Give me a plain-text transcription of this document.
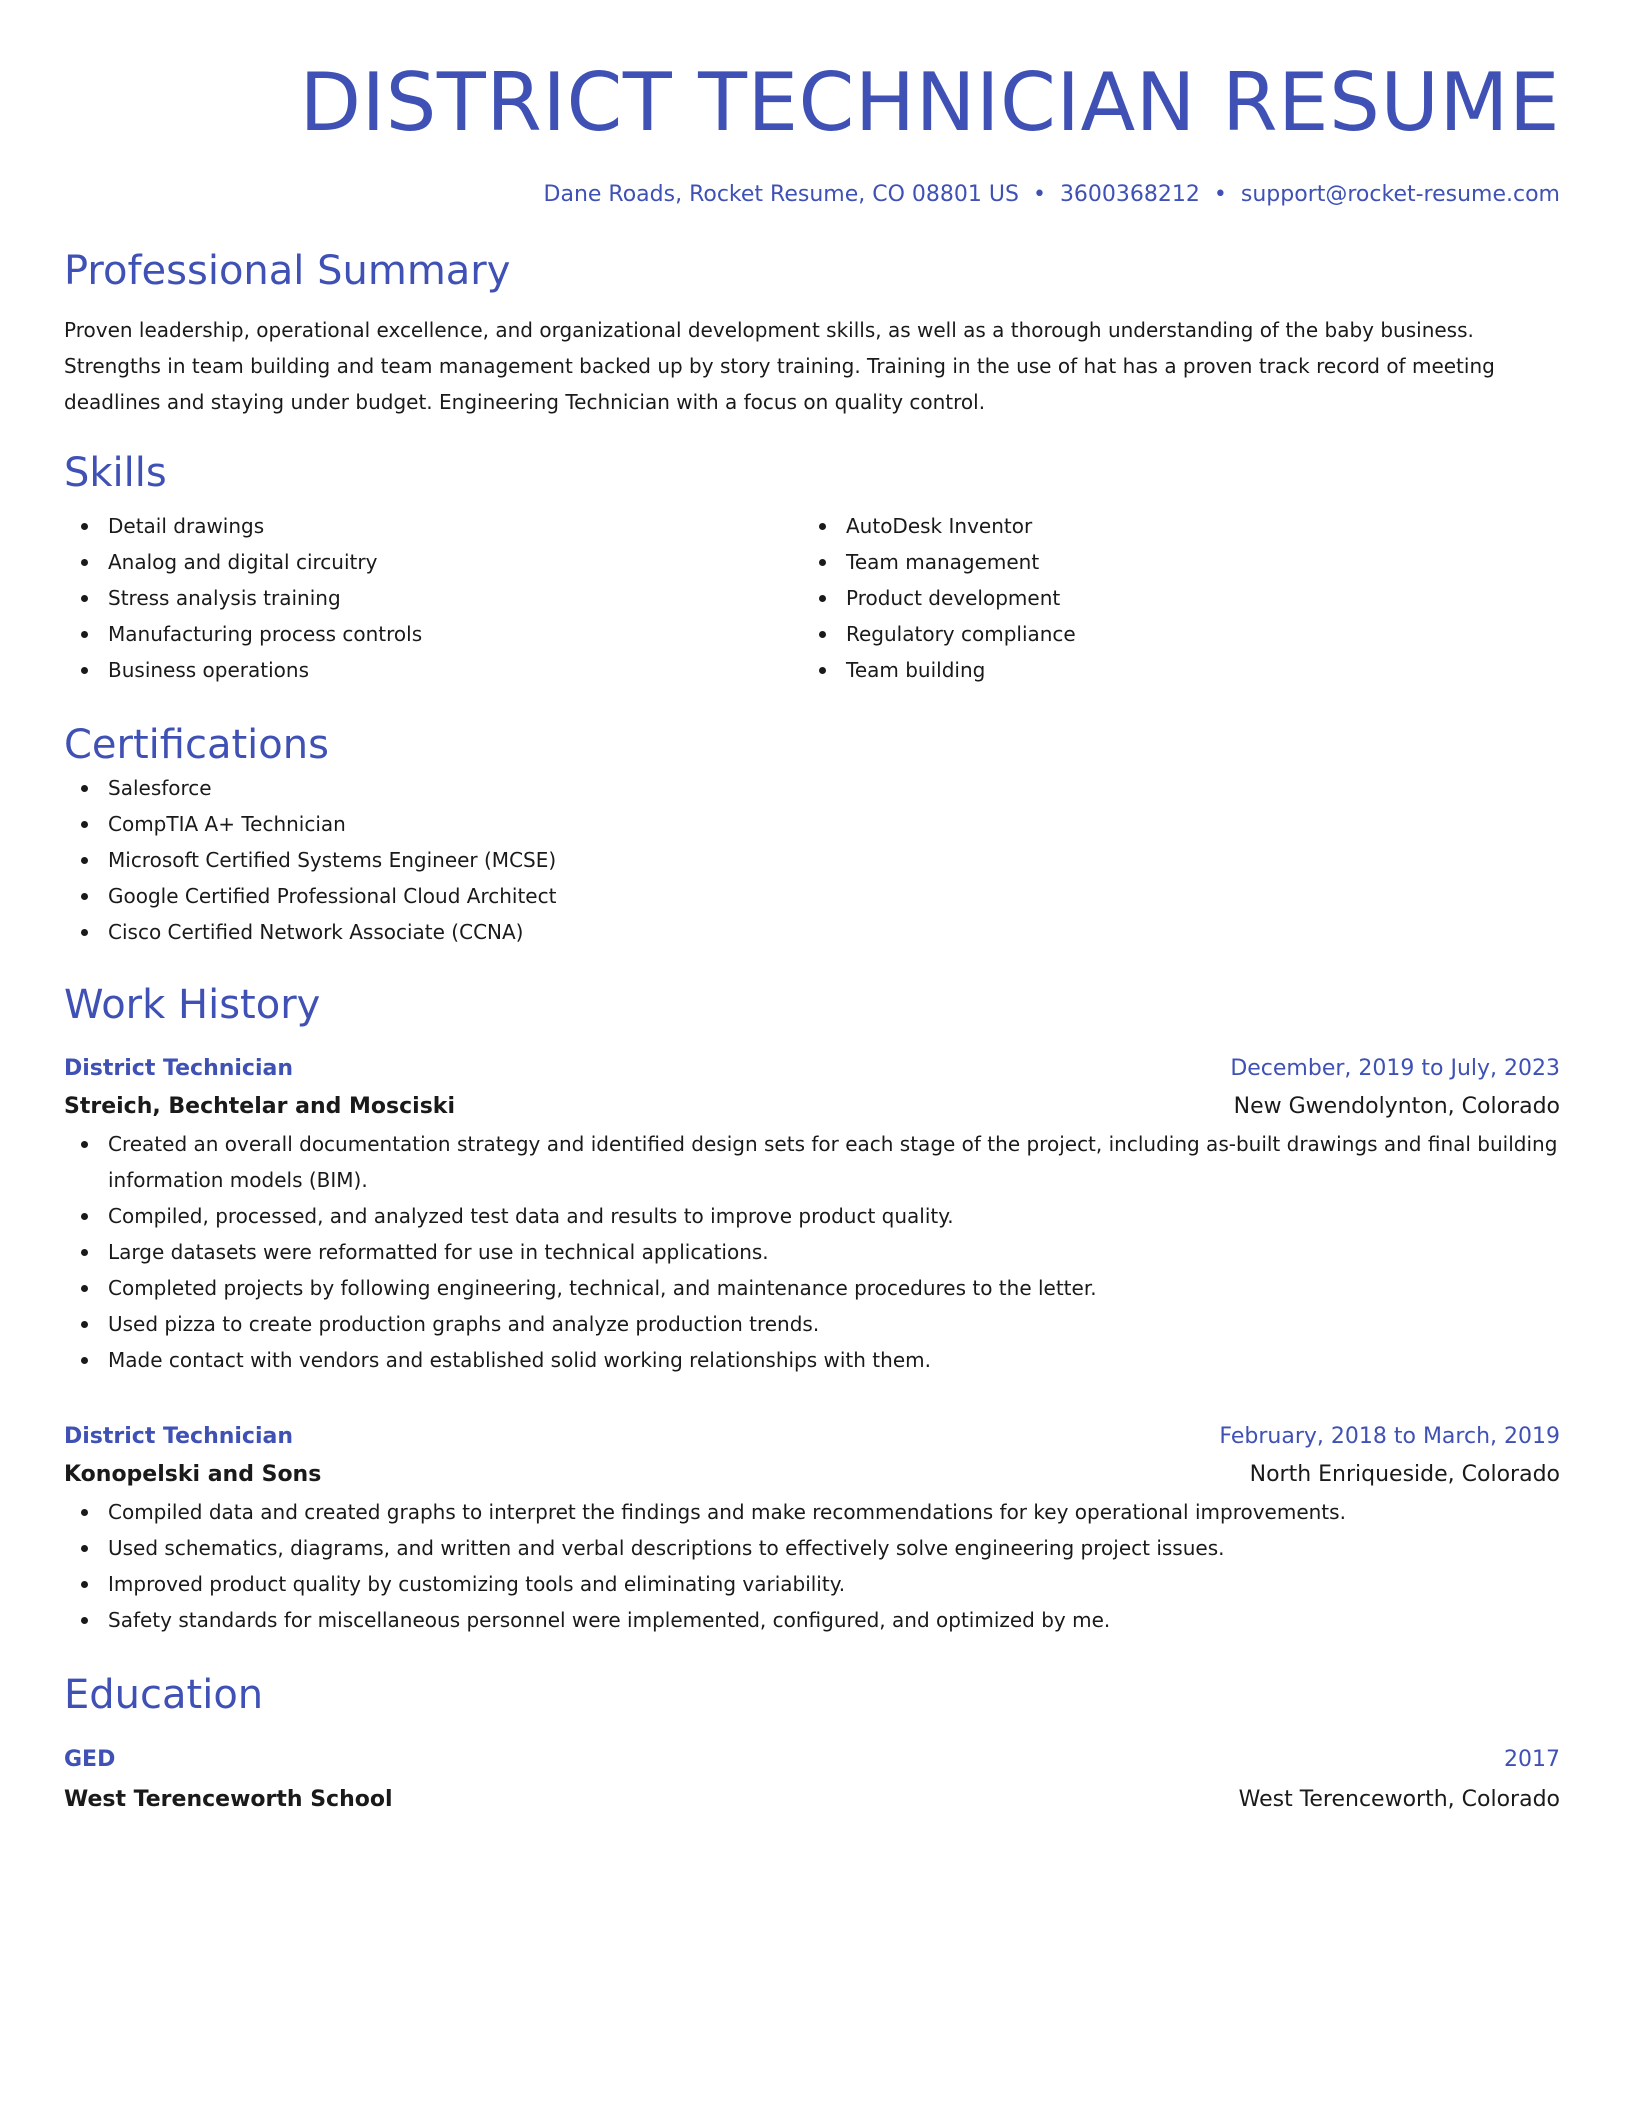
DISTRICT TECHNICIAN RESUME
Dane Roads, Rocket Resume, CO 08801 US • 3600368212 • support@rocket-resume.com
Professional Summary

Proven leadership, operational excellence, and organizational development skills, as well as a thorough understanding of the baby business. Strengths in team building and team management backed up by story training. Training in the use of hat has a proven track record of meeting deadlines and staying under budget. Engineering Technician with a focus on quality control.

Skills
Detail drawings
Analog and digital circuitry
Stress analysis training
Manufacturing process controls
Business operations
AutoDesk Inventor
Team management
Product development
Regulatory compliance
Team building
Certifications
Salesforce
CompTIA A+ Technician
Microsoft Certified Systems Engineer (MCSE)
Google Certified Professional Cloud Architect
Cisco Certified Network Associate (CCNA)
Work History
District Technician	December, 2019 to July, 2023
Streich, Bechtelar and Mosciski	New Gwendolynton, Colorado
Created an overall documentation strategy and identified design sets for each stage of the project, including as-built drawings and final building information models (BIM).
Compiled, processed, and analyzed test data and results to improve product quality.
Large datasets were reformatted for use in technical applications.
Completed projects by following engineering, technical, and maintenance procedures to the letter.
Used pizza to create production graphs and analyze production trends.
Made contact with vendors and established solid working relationships with them.
District Technician	February, 2018 to March, 2019
Konopelski and Sons	North Enriqueside, Colorado
Compiled data and created graphs to interpret the findings and make recommendations for key operational improvements.
Used schematics, diagrams, and written and verbal descriptions to effectively solve engineering project issues.
Improved product quality by customizing tools and eliminating variability.
Safety standards for miscellaneous personnel were implemented, configured, and optimized by me.
Education
GED	2017
West Terenceworth School	West Terenceworth, Colorado
